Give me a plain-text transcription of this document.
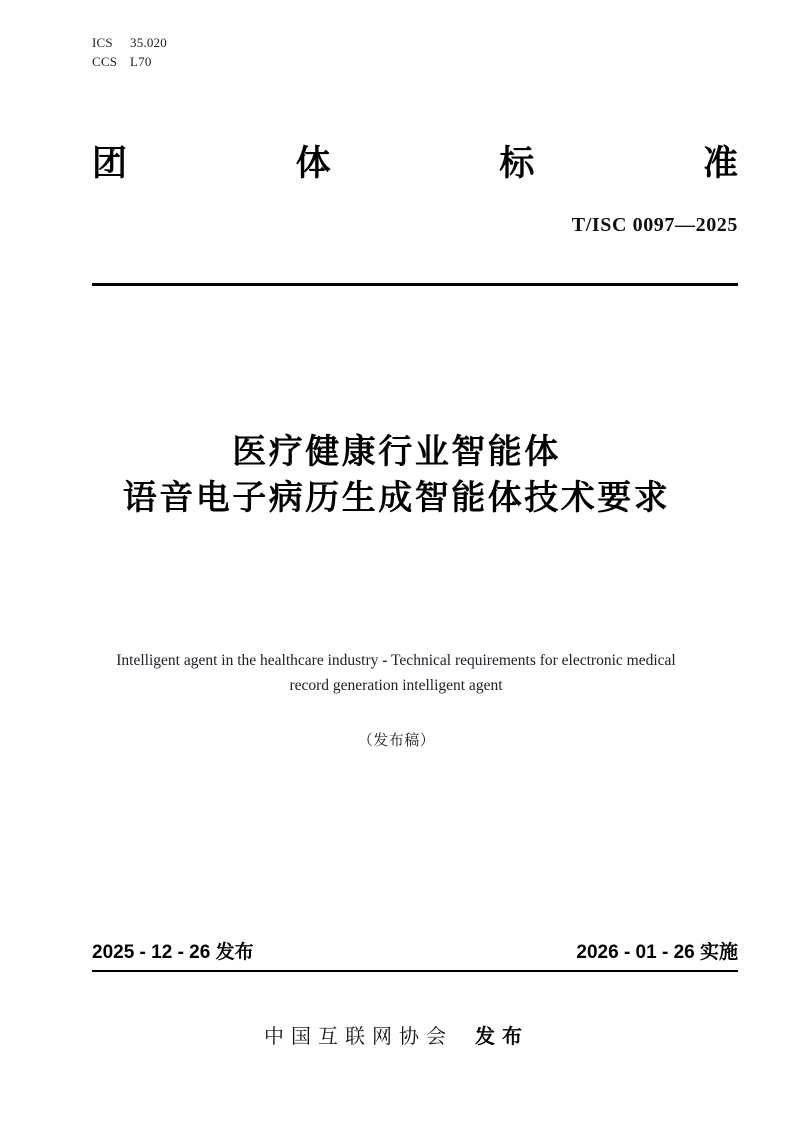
ICS	35.020
CCS L70
团	体	标	准
T/ISC 0097—2025
医疗健康行业智能体
语音电子病历生成智能体技术要求
Intelligent agent in the healthcare industry - Technical requirements for electronic medical record generation intelligent agent
（发布稿）
2025 - 12 - 26 发布	2026 - 01 - 26 实施
中国互联网协会 发布
